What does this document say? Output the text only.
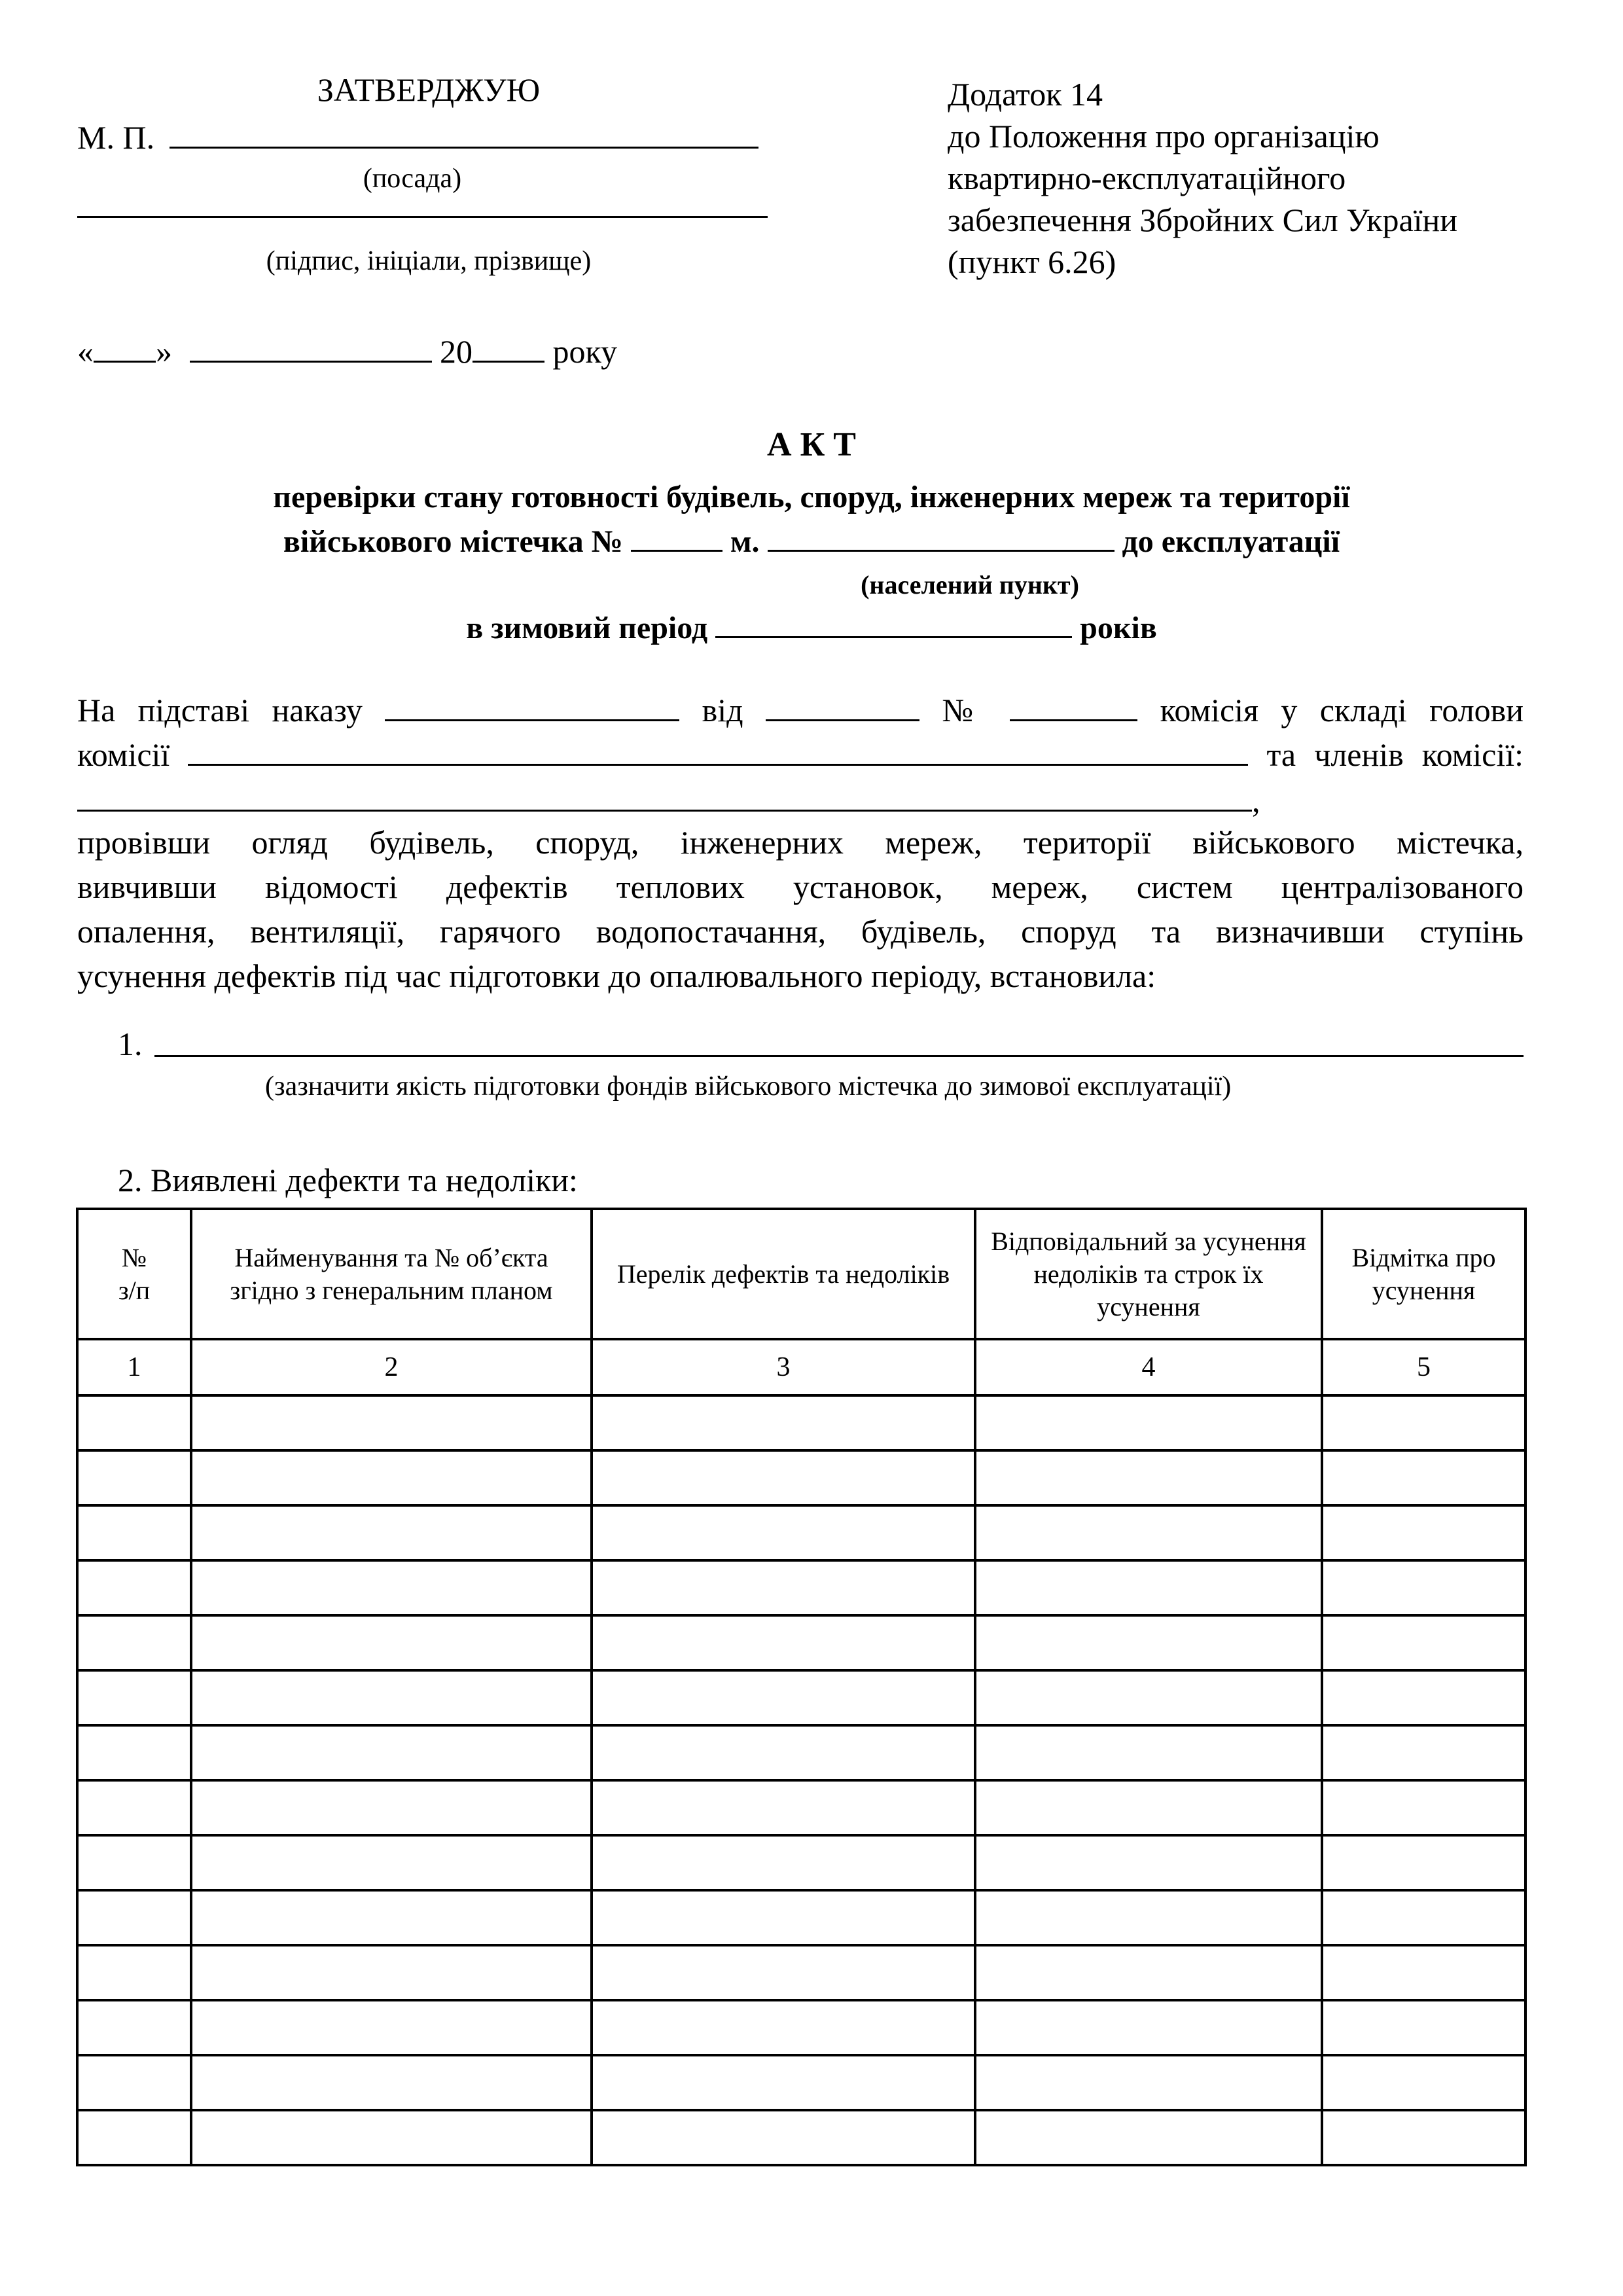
ЗАТВЕРДЖУЮ
М. П.
(посада)
(підпис, ініціали, прізвище)
« »	20 року
Додаток 14
до Положення про організацію
квартирно-експлуатаційного
забезпечення Збройних Сил України
(пункт 6.26)
А К Т
перевірки стану готовності будівель, споруд, інженерних мереж та території
військового містечка №	м.	до експлуатації
(населений пункт)
в зимовий період	років
На підставі наказу	від	№	комісія у складі голови
комісії	та членів комісії:
,
провівши огляд будівель, споруд, інженерних мереж, території військового містечка,
вивчивши відомості дефектів теплових установок, мереж, систем централізованого
опалення, вентиляції, гарячого водопостачання, будівель, споруд та визначивши ступінь
усунення дефектів під час підготовки до опалювального періоду, встановила:
1.
(зазначити якість підготовки фондів військового містечка до зимової експлуатації)
2. Виявлені дефекти та недоліки:
№ з/п	Найменування та № об’єкта згідно з генеральним планом	Перелік дефектів та недоліків	Відповідальний за усунення недоліків та строк їх усунення	Відмітка про усунення
1	2	3	4	5
